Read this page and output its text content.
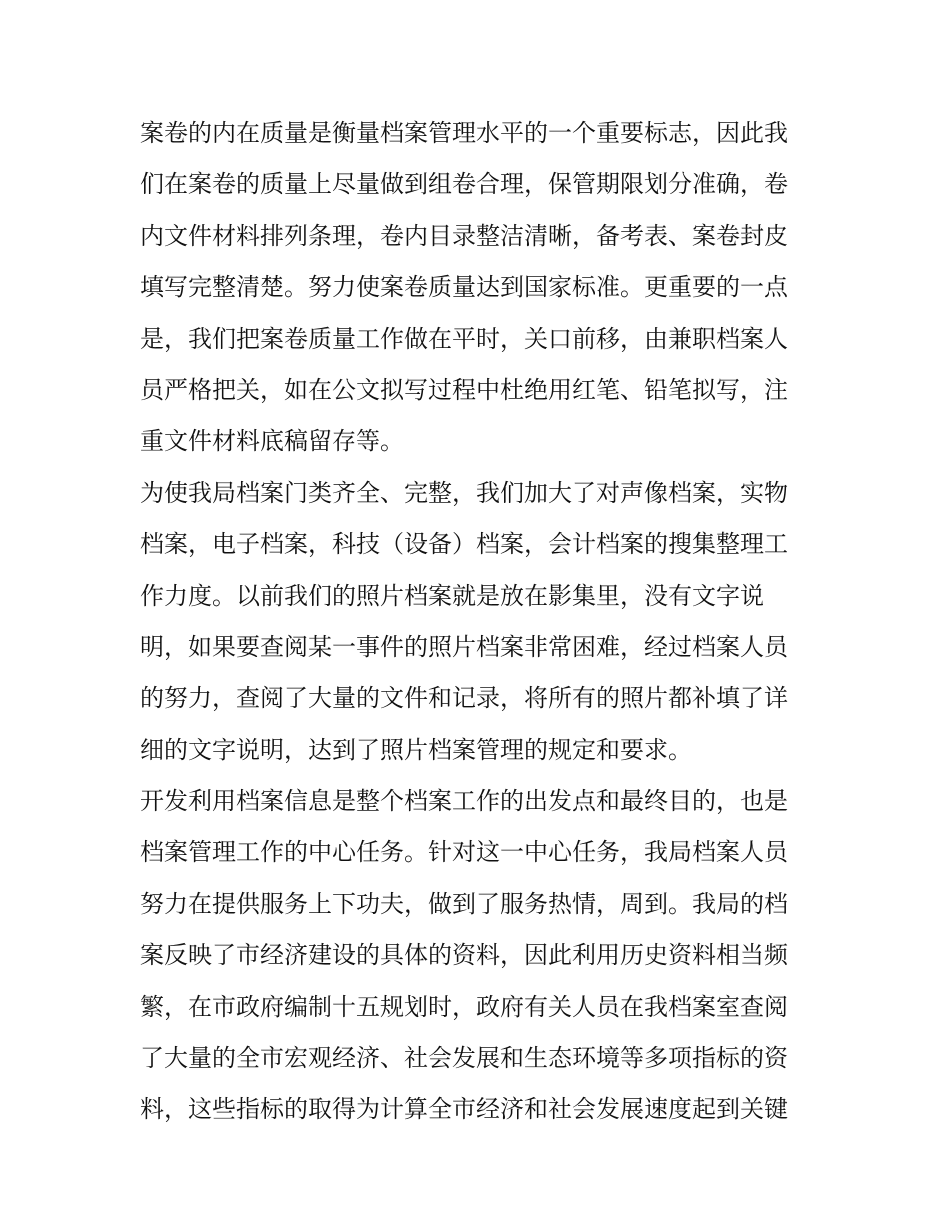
案卷的内在质量是衡量档案管理水平的一个重要标志，因此我
们在案卷的质量上尽量做到组卷合理，保管期限划分准确，卷
内文件材料排列条理，卷内目录整洁清晰，备考表、案卷封皮
填写完整清楚。努力使案卷质量达到国家标准。更重要的一点
是，我们把案卷质量工作做在平时，关口前移，由兼职档案人
员严格把关，如在公文拟写过程中杜绝用红笔、铅笔拟写，注
重文件材料底稿留存等。
为使我局档案门类齐全、完整，我们加大了对声像档案，实物
档案，电子档案，科技（设备）档案，会计档案的搜集整理工
作力度。以前我们的照片档案就是放在影集里，没有文字说
明，如果要查阅某一事件的照片档案非常困难，经过档案人员
的努力，查阅了大量的文件和记录，将所有的照片都补填了详
细的文字说明，达到了照片档案管理的规定和要求。
开发利用档案信息是整个档案工作的出发点和最终目的，也是
档案管理工作的中心任务。针对这一中心任务，我局档案人员
努力在提供服务上下功夫，做到了服务热情，周到。我局的档
案反映了市经济建设的具体的资料，因此利用历史资料相当频
繁，在市政府编制十五规划时，政府有关人员在我档案室查阅
了大量的全市宏观经济、社会发展和生态环境等多项指标的资
料，这些指标的取得为计算全市经济和社会发展速度起到关键
